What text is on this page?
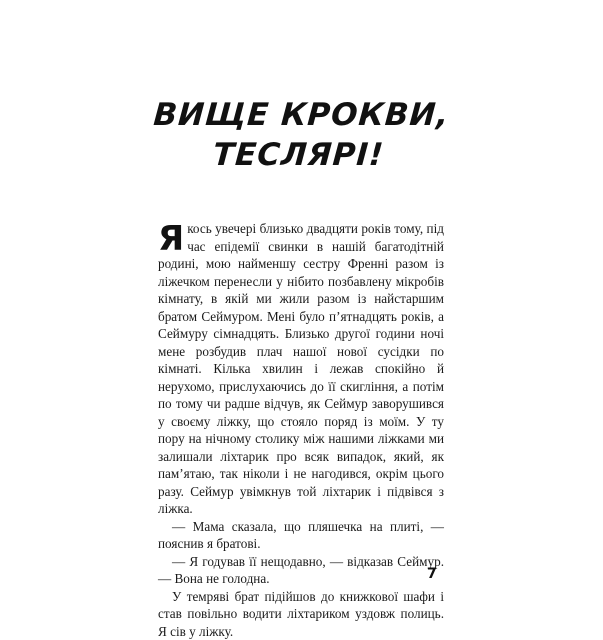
ВИЩЕ КРОКВИ,
ТЕСЛЯРІ!

Якось увечері близько двадцяти років тому, під час епідемії свинки в нашій багатодітній родині, мою найменшу сестру Френні разом із ліжечком перенесли у нібито позбавлену мікробів кімнату, в якій ми жили разом із найстаршим братом Сеймуром. Мені було п’ятнадцять років, а Сеймуру сімнадцять. Близько другої години ночі мене розбудив плач нашої нової сусідки по кімнаті. Кілька хвилин і лежав спокійно й нерухомо, прислухаючись до її скигління, а потім по тому чи радше відчув, як Сеймур заворушився у своєму ліжку, що стояло поряд із моїм. У ту пору на нічному столику між нашими ліжками ми залишали ліхтарик про всяк випадок, який, як пам’ятаю, так ніколи і не нагодився, окрім цього разу. Сеймур увімкнув той ліхтарик і підвівся з ліжка.

— Мама сказала, що пляшечка на плиті, — пояснив я братові.

— Я годував її нещодавно, — відказав Сеймур. — Вона не голодна.

У темряві брат підійшов до книжкової шафи і став повільно водити ліхтариком уздовж полиць. Я сів у ліжку.

7
